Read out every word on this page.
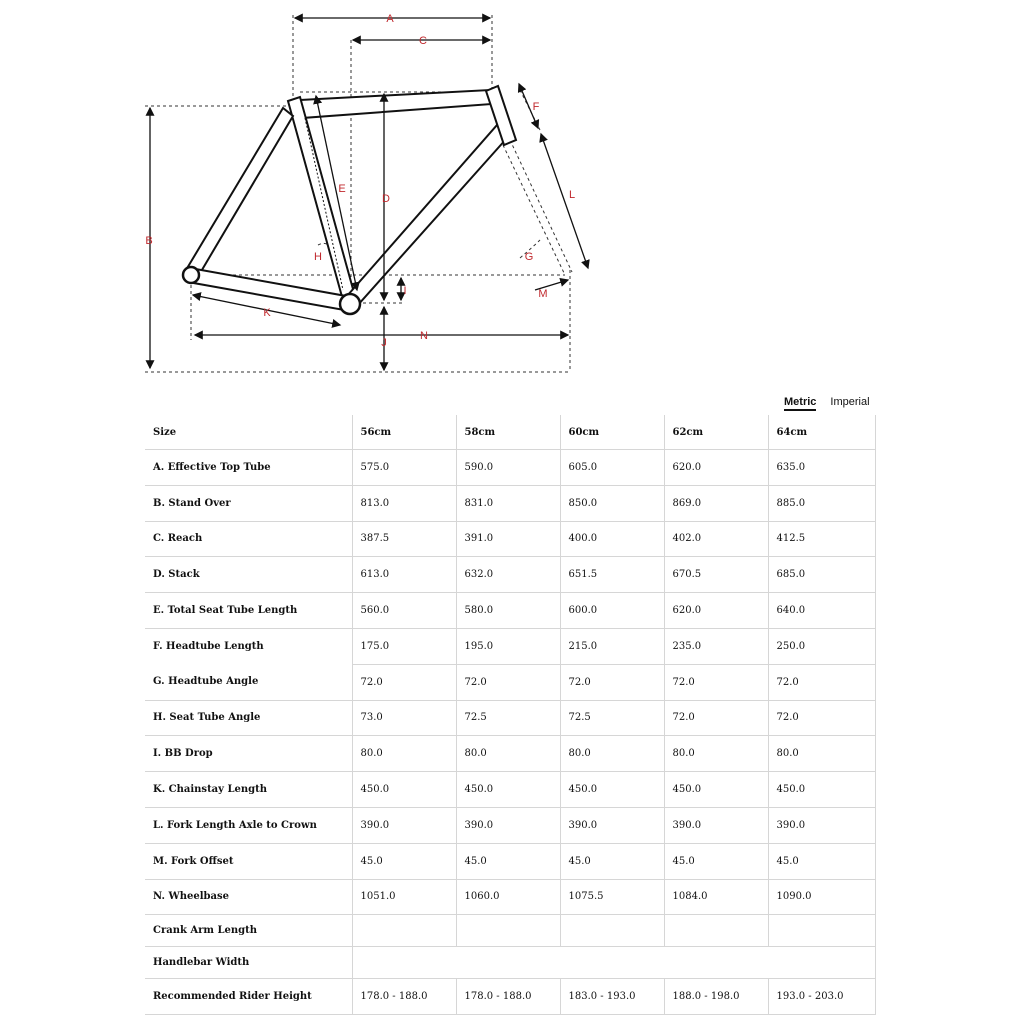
A
B
C
D
E
F
G
H
I
J
K
L
M
N
Metric Imperial
Size	56cm	58cm	60cm	62cm	64cm
A. Effective Top Tube	575.0	590.0	605.0	620.0	635.0
B. Stand Over	813.0	831.0	850.0	869.0	885.0
C. Reach	387.5	391.0	400.0	402.0	412.5
D. Stack	613.0	632.0	651.5	670.5	685.0
E. Total Seat Tube Length	560.0	580.0	600.0	620.0	640.0
F. Headtube Length	175.0	195.0	215.0	235.0	250.0
G. Headtube Angle	72.0	72.0	72.0	72.0	72.0
H. Seat Tube Angle	73.0	72.5	72.5	72.0	72.0
I. BB Drop	80.0	80.0	80.0	80.0	80.0
K. Chainstay Length	450.0	450.0	450.0	450.0	450.0
L. Fork Length Axle to Crown	390.0	390.0	390.0	390.0	390.0
M. Fork Offset	45.0	45.0	45.0	45.0	45.0
N. Wheelbase	1051.0	1060.0	1075.5	1084.0	1090.0
Crank Arm Length					
Handlebar Width					
Recommended Rider Height	178.0 - 188.0	178.0 - 188.0	183.0 - 193.0	188.0 - 198.0	193.0 - 203.0
